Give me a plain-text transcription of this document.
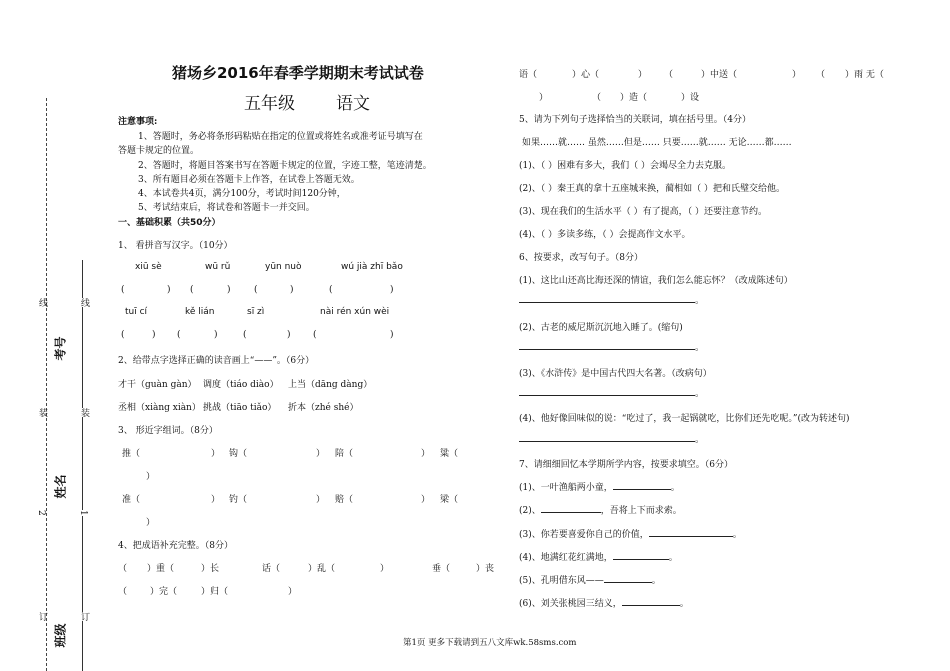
线
装
订
2
线
装
1
订
考号
姓名
班级
猪场乡2016年春季学期期末考试试卷
五年级 语文
注意事项:
1、答题时，务必将条形码粘贴在指定的位置或将姓名或准考证号填写在
答题卡规定的位置。
2、答题时，将题目答案书写在答题卡规定的位置，字迹工整，笔迹清楚。
3、所有题目必须在答题卡上作答，在试卷上答题无效。
4、本试卷共4页，满分100分，考试时间120分钟，
5、考试结束后，将试卷和答题卡一并交回。
一、基础积累（共50分）
1、 看拼音写汉字。（10分）
xiū sè	wū rǔ	yūn nuò	wú jià zhī bǎo
(	) (	)	(	)	(	)
tuī cí	kě lián	sī zì	nài rén xún wèi
(	) (	)	(	) (	)
2、给带点字选择正确的读音画上“——”。（6分）
才干（guàn gàn） 调度（tiáo diào） 上当（dāng dàng）
丞相（xiàng xiàn） 挑战（tiāo tiǎo） 折本（zhé shé）
3、 形近字组词。（8分）
推（	） 钩（	） 陪（	） 粱（
）
准（	） 钓（	） 赔（	） 梁（
）
4、把成语补充完整。（8分）
（ ）重（	）长	话（	）乱（	）	垂（	）丧
（	）完（	）归（	）
语（	）心（	） （	）中送（	） （ ）雨 无（
）	（ ）造（	）设
5、请为下列句子选择恰当的关联词，填在括号里。（4分）
如果……就…… 虽然……但是…… 只要……就…… 无论……都……
(1)、（ ）困难有多大，我们（ ）会竭尽全力去克服。
(2)、（ ）秦王真的拿十五座城来换，蔺相如（ ）把和氏璧交给他。
(3)、现在我们的生活水平（ ）有了提高，（ ）还要注意节约。
(4)、（ ）多读多练，（ ）会提高作文水平。
6、按要求，改写句子。（8分）
(1)、这比山还高比海还深的情谊，我们怎么能忘怀？（改成陈述句）
。
(2)、古老的威尼斯沉沉地入睡了。(缩句)
。
(3)、《水浒传》是中国古代四大名著。（改病句）
。
(4)、他好像回味似的说：“吃过了，我一起锅就吃，比你们还先吃呢。”(改为转述句)
。
7、请细细回忆本学期所学内容，按要求填空。（6分）
(1)、一叶渔船两小童，	。
(2)、	，吾将上下而求索。
(3)、你若要喜爱你自己的价值，	。
(4)、地满红花红满地，	。
(5)、孔明借东风——	。
(6)、刘关张桃园三结义，	。
第1页 更多下载请到五八文库wk.58sms.com
